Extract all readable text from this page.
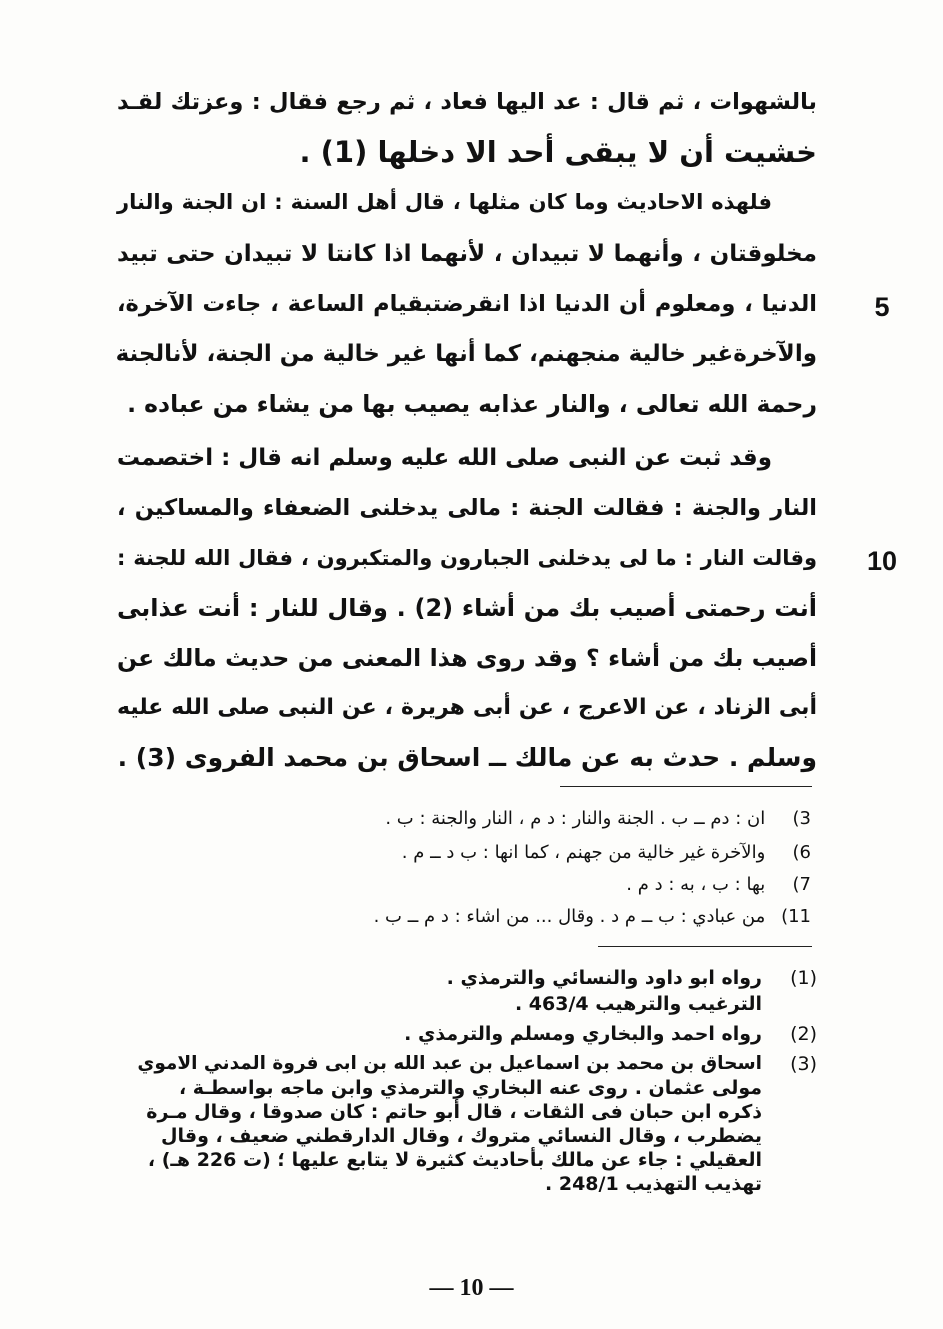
بالشهوات ، ثم قال : عد اليها فعاد ، ثم رجع فقال : وعزتك لقـد
خشيت أن لا يبقى أحد الا دخلها (1) .
فلهذه الاحاديث وما كان مثلها ، قال أهل السنة : ان الجنة والنار
مخلوقتان ، وأنهما لا تبيدان ، لأنهما اذا كانتا لا تبيدان حتى تبيد
الدنيا ، ومعلوم أن الدنيا اذا انقرضتبقيام الساعة ، جاءت الآخرة،
والآخرةغير خالية منجهنم، كما أنها غير خالية من الجنة، لأنالجنة
رحمة الله تعالى ، والنار عذابه يصيب بها من يشاء من عباده .
وقد ثبت عن النبى صلى الله عليه وسلم انه قال : اختصمت
النار والجنة : فقالت الجنة : مالى يدخلنى الضعفاء والمساكين ،
وقالت النار : ما لى يدخلنى الجبارون والمتكبرون ، فقال الله للجنة :
أنت رحمتى أصيب بك من أشاء (2) . وقال للنار : أنت عذابى
أصيب بك من أشاء ؟ وقد روى هذا المعنى من حديث مالك عن
أبى الزناد ، عن الاعرج ، عن أبى هريرة ، عن النبى صلى الله عليه
وسلم . حدث به عن مالك ــ اسحاق بن محمد الفروى (3) .
5
10
3) ان : دم ــ ب . الجنة والنار : د م ، النار والجنة : ب .
6) والآخرة غير خالية من جهنم ، كما انها : ب د ــ م .
7) بها : ب ، به : د م .
11) من عبادي : ب ــ م د . وقال ... من اشاء : د م ــ ب .
(1)
رواه ابو داود والنسائي والترمذي .
الترغيب والترهيب 463/4 .
(2)
رواه احمد والبخاري ومسلم والترمذي .
(3)
اسحاق بن محمد بن اسماعيل بن عبد الله بن ابى فروة المدني الاموي
مولى عثمان . روى عنه البخاري والترمذي وابن ماجه بواسطـة ،
ذكره ابن حبان فى الثقات ، قال أبو حاتم : كان صدوقا ، وقال مـرة
يضطرب ، وقال النسائي متروك ، وقال الدارقطني ضعيف ، وقال
العقيلي : جاء عن مالك بأحاديث كثيرة لا يتابع عليها ؛ (ت 226 هـ) ،
تهذيب التهذيب 248/1 .
— 10 —
